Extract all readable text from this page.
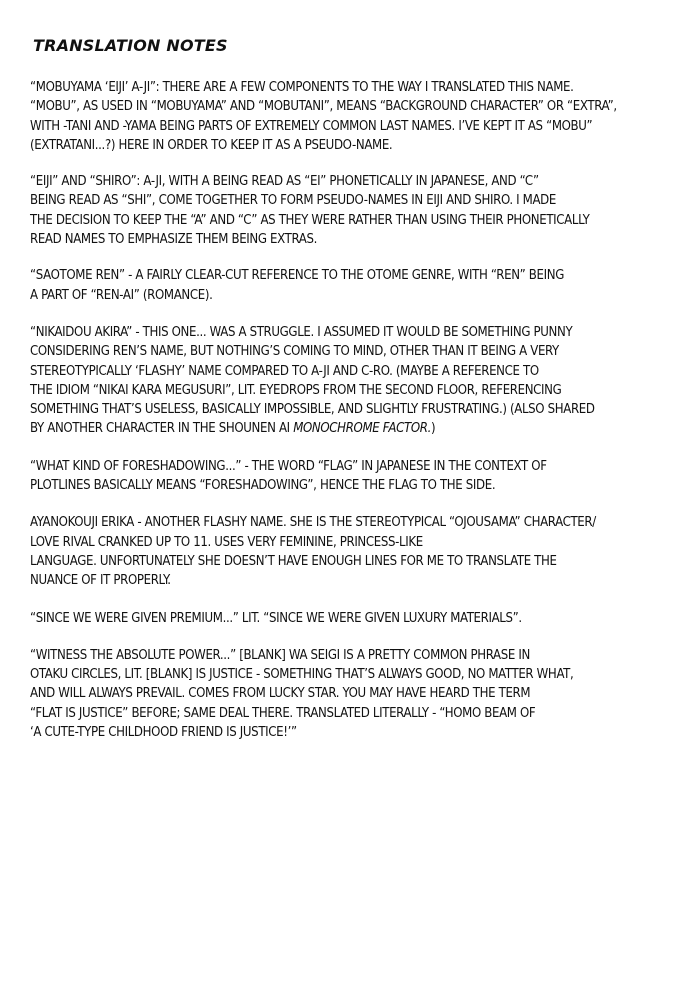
TRANSLATION NOTES

“MOBUYAMA ‘EIJI’ A-JI”: THERE ARE A FEW COMPONENTS TO THE WAY I TRANSLATED THIS NAME.
“MOBU”, AS USED IN “MOBUYAMA” AND “MOBUTANI”, MEANS “BACKGROUND CHARACTER” OR “EXTRA”,
WITH -TANI AND -YAMA BEING PARTS OF EXTREMELY COMMON LAST NAMES. I’VE KEPT IT AS “MOBU”
(EXTRATANI...?) HERE IN ORDER TO KEEP IT AS A PSEUDO-NAME.

“EIJI” AND “SHIRO”: A-JI, WITH A BEING READ AS “EI” PHONETICALLY IN JAPANESE, AND “C”
BEING READ AS “SHI”, COME TOGETHER TO FORM PSEUDO-NAMES IN EIJI AND SHIRO. I MADE
THE DECISION TO KEEP THE “A” AND “C” AS THEY WERE RATHER THAN USING THEIR PHONETICALLY
READ NAMES TO EMPHASIZE THEM BEING EXTRAS.

“SAOTOME REN” - A FAIRLY CLEAR-CUT REFERENCE TO THE OTOME GENRE, WITH “REN” BEING
A PART OF “REN-AI” (ROMANCE).

“NIKAIDOU AKIRA” - THIS ONE... WAS A STRUGGLE. I ASSUMED IT WOULD BE SOMETHING PUNNY
CONSIDERING REN’S NAME, BUT NOTHING’S COMING TO MIND, OTHER THAN IT BEING A VERY
STEREOTYPICALLY ‘FLASHY’ NAME COMPARED TO A-JI AND C-RO. (MAYBE A REFERENCE TO
THE IDIOM “NIKAI KARA MEGUSURI”, LIT. EYEDROPS FROM THE SECOND FLOOR, REFERENCING
SOMETHING THAT’S USELESS, BASICALLY IMPOSSIBLE, AND SLIGHTLY FRUSTRATING.) (ALSO SHARED
BY ANOTHER CHARACTER IN THE SHOUNEN AI MONOCHROME FACTOR.)

“WHAT KIND OF FORESHADOWING...” - THE WORD “FLAG” IN JAPANESE IN THE CONTEXT OF
PLOTLINES BASICALLY MEANS “FORESHADOWING”, HENCE THE FLAG TO THE SIDE.

AYANOKOUJI ERIKA - ANOTHER FLASHY NAME. SHE IS THE STEREOTYPICAL “OJOUSAMA” CHARACTER/
LOVE RIVAL CRANKED UP TO 11. USES VERY FEMININE, PRINCESS-LIKE
LANGUAGE. UNFORTUNATELY SHE DOESN’T HAVE ENOUGH LINES FOR ME TO TRANSLATE THE
NUANCE OF IT PROPERLY.

“SINCE WE WERE GIVEN PREMIUM...” LIT. “SINCE WE WERE GIVEN LUXURY MATERIALS”.

“WITNESS THE ABSOLUTE POWER...” [BLANK] WA SEIGI IS A PRETTY COMMON PHRASE IN
OTAKU CIRCLES, LIT. [BLANK] IS JUSTICE - SOMETHING THAT’S ALWAYS GOOD, NO MATTER WHAT,
AND WILL ALWAYS PREVAIL. COMES FROM LUCKY STAR. YOU MAY HAVE HEARD THE TERM
“FLAT IS JUSTICE” BEFORE; SAME DEAL THERE. TRANSLATED LITERALLY - “HOMO BEAM OF
‘A CUTE-TYPE CHILDHOOD FRIEND IS JUSTICE!’”
